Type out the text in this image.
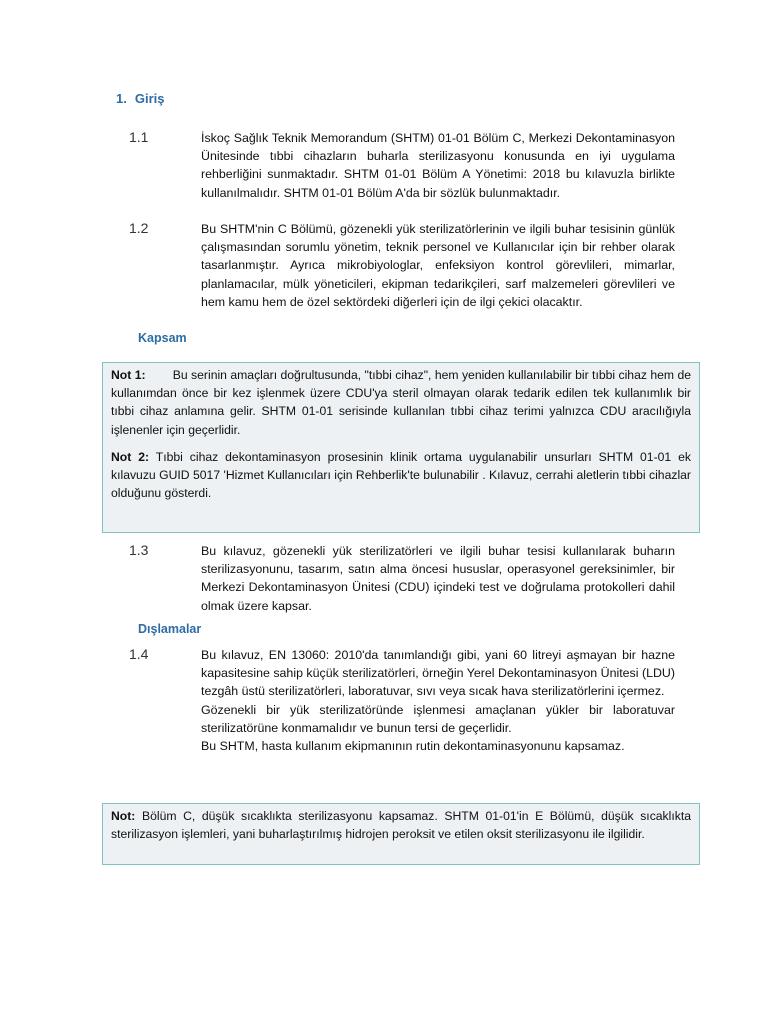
1. Giriş
1.1	İskoç Sağlık Teknik Memorandum (SHTM) 01-01 Bölüm C, Merkezi Dekontaminasyon Ünitesinde tıbbi cihazların buharla sterilizasyonu konusunda en iyi uygulama rehberliğini sunmaktadır. SHTM 01-01 Bölüm A Yönetimi: 2018 bu kılavuzla birlikte kullanılmalıdır. SHTM 01-01 Bölüm A'da bir sözlük bulunmaktadır.
1.2	Bu SHTM'nin C Bölümü, gözenekli yük sterilizatörlerinin ve ilgili buhar tesisinin günlük çalışmasından sorumlu yönetim, teknik personel ve Kullanıcılar için bir rehber olarak tasarlanmıştır. Ayrıca mikrobiyologlar, enfeksiyon kontrol görevlileri, mimarlar, planlamacılar, mülk yöneticileri, ekipman tedarikçileri, sarf malzemeleri görevlileri ve hem kamu hem de özel sektördeki diğerleri için de ilgi çekici olacaktır.
Kapsam

Not 1: Bu serinin amaçları doğrultusunda, "tıbbi cihaz", hem yeniden kullanılabilir bir tıbbi cihaz hem de kullanımdan önce bir kez işlenmek üzere CDU'ya steril olmayan olarak tedarik edilen tek kullanımlık bir tıbbi cihaz anlamına gelir. SHTM 01-01 serisinde kullanılan tıbbi cihaz terimi yalnızca CDU aracılığıyla işlenenler için geçerlidir.

Not 2: Tıbbi cihaz dekontaminasyon prosesinin klinik ortama uygulanabilir unsurları SHTM 01-01 ek kılavuzu GUID 5017 'Hizmet Kullanıcıları için Rehberlik'te bulunabilir . Kılavuz, cerrahi aletlerin tıbbi cihazlar olduğunu gösterdi.

1.3	Bu kılavuz, gözenekli yük sterilizatörleri ve ilgili buhar tesisi kullanılarak buharın sterilizasyonunu, tasarım, satın alma öncesi hususlar, operasyonel gereksinimler, bir Merkezi Dekontaminasyon Ünitesi (CDU) içindeki test ve doğrulama protokolleri dahil olmak üzere kapsar.
Dışlamalar
1.4	Bu kılavuz, EN 13060: 2010'da tanımlandığı gibi, yani 60 litreyi aşmayan bir hazne kapasitesine sahip küçük sterilizatörleri, örneğin Yerel Dekontaminasyon Ünitesi (LDU) tezgâh üstü sterilizatörleri, laboratuvar, sıvı veya sıcak hava sterilizatörlerini içermez.
Gözenekli bir yük sterilizatöründe işlenmesi amaçlanan yükler bir laboratuvar sterilizatörüne konmamalıdır ve bunun tersi de geçerlidir.
Bu SHTM, hasta kullanım ekipmanının rutin dekontaminasyonunu kapsamaz.

Not: Bölüm C, düşük sıcaklıkta sterilizasyonu kapsamaz. SHTM 01-01'in E Bölümü, düşük sıcaklıkta sterilizasyon işlemleri, yani buharlaştırılmış hidrojen peroksit ve etilen oksit sterilizasyonu ile ilgilidir.
